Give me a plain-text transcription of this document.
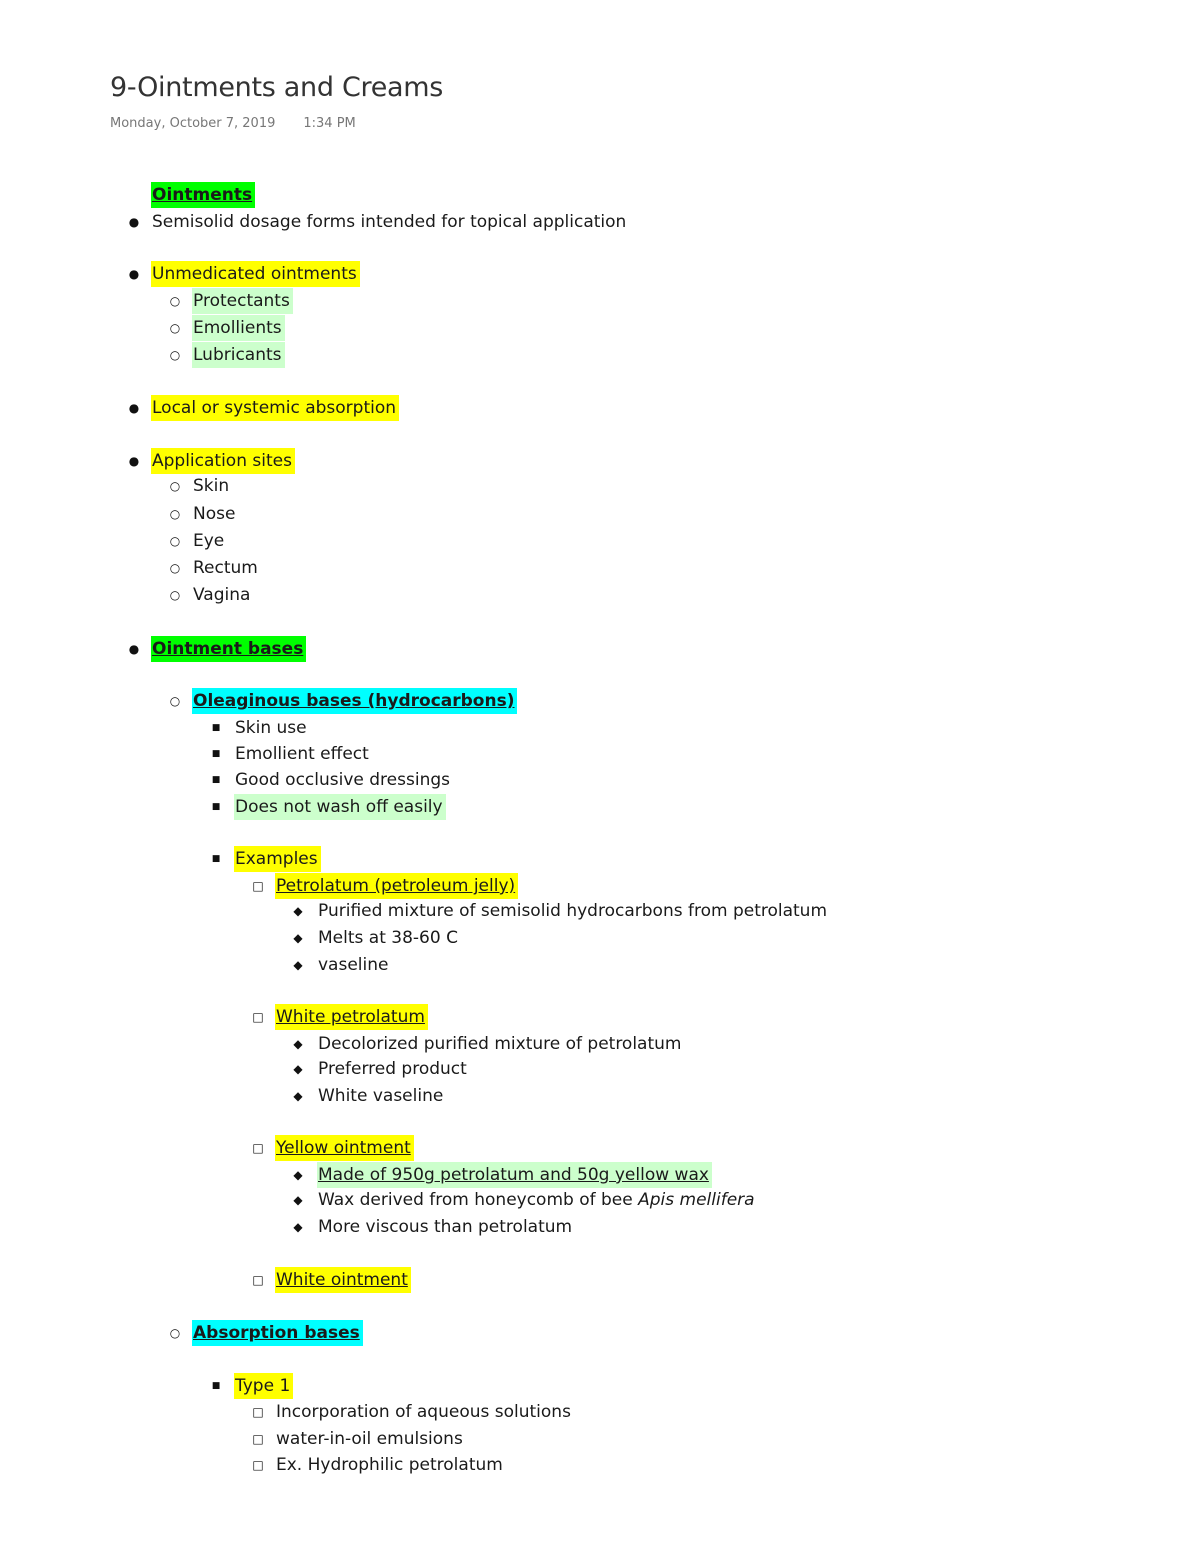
9-Ointments and Creams
Monday, October 7, 2019 1:34 PM
Ointments
● Semisolid dosage forms intended for topical application
● Unmedicated ointments
○ Protectants
○ Emollients
○ Lubricants
● Local or systemic absorption
● Application sites
○ Skin
○ Nose
○ Eye
○ Rectum
○ Vagina
● Ointment bases
○ Oleaginous bases (hydrocarbons)
■ Skin use
■ Emollient effect
■ Good occlusive dressings
■ Does not wash off easily
■ Examples
□ Petrolatum (petroleum jelly)
◆ Purified mixture of semisolid hydrocarbons from petrolatum
◆ Melts at 38-60 C
◆ vaseline
□ White petrolatum
◆ Decolorized purified mixture of petrolatum
◆ Preferred product
◆ White vaseline
□ Yellow ointment
◆ Made of 950g petrolatum and 50g yellow wax
◆ Wax derived from honeycomb of bee Apis mellifera
◆ More viscous than petrolatum
□ White ointment
○ Absorption bases
■ Type 1
□ Incorporation of aqueous solutions
□ water-in-oil emulsions
□ Ex. Hydrophilic petrolatum
